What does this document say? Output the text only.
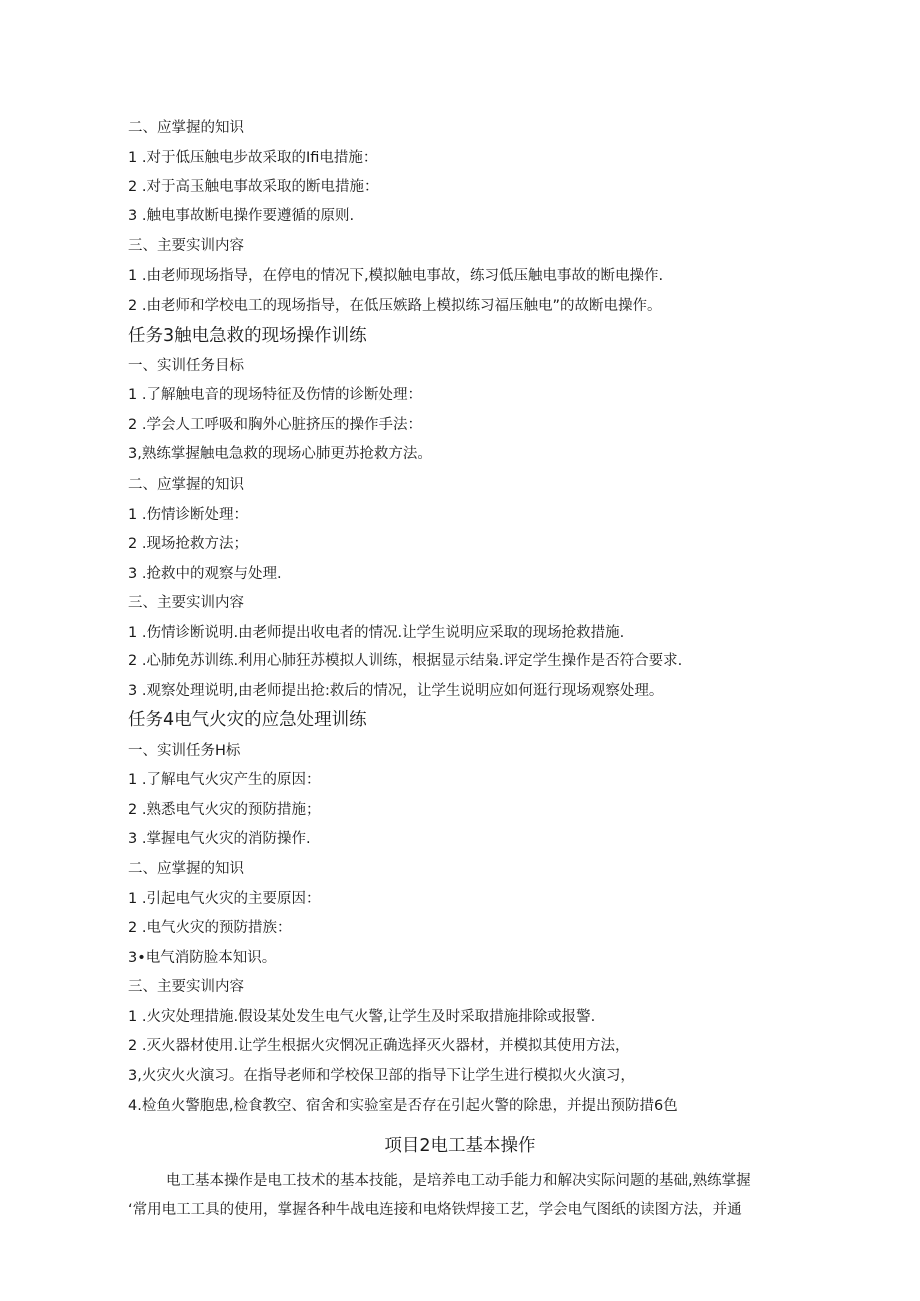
二、应掌握的知识
1 .对于低压触电步故采取的Ifi电措施：
2 .对于高玉触电事故采取的断电措施：
3 .触电事故断电操作要遵循的原则.
三、主要实训内容
1 .由老师现场指导，在停电的情况下,模拟触电事故，练习低压触电事故的断电操作.
2 .由老师和学校电工的现场指导，在低压嫉路上模拟练习福压触电”的故断电操作。
任务3触电急救的现场操作训练
一、实训任务目标
1 .了解触电音的现场特征及伤情的诊断处理：
2 .学会人工呼吸和胸外心脏挤压的操作手法：
3,熟练掌握触电急救的现场心肺更苏抢救方法。
二、应掌握的知识
1 .伤情诊断处理：
2 .现场抢救方法；
3 .抢救中的观察与处理.
三、主要实训内容
1 .伤情诊断说明.由老师提出收电者的情况.让学生说明应采取的现场抢救措施.
2 .心肺免苏训练.利用心肺狂苏模拟人训练，根据显示结枭.评定学生操作是否符合要求.
3 .观察处理说明,由老师提出抢:救后的情况，让学生说明应如何逛行现场观察处理。
任务4电气火灾的应急处理训练
一、实训任务H标
1 .了解电气火灾产生的原因：
2 .熟悉电气火灾的预防措施；
3 .掌握电气火灾的消防操作.
二、应掌握的知识
1 .引起电气火灾的主要原因：
2 .电气火灾的预防措族：
3•电气消防脸本知识。
三、主要实训内容
1 .火灾处理措施.假设某处发生电气火警,让学生及时采取措施排除或报警.
2 .灭火器材使用.让学生根据火灾惘况正确选择灭火器材，并模拟其使用方法，
3,火灾火火演习。在指导老师和学校保卫部的指导下让学生进行模拟火火演习，
4.检鱼火警胞患,检食教空、宿舍和实验室是否存在引起火警的除患，并提出预防措6色
项目2电工基本操作
电工基本操作是电工技术的基本技能，是培养电工动手能力和解决实际问题的基础,熟练掌握
‘常用电工工具的使用，掌握各种牛战电连接和电烙铁焊接工艺，学会电气图纸的读图方法，并通
